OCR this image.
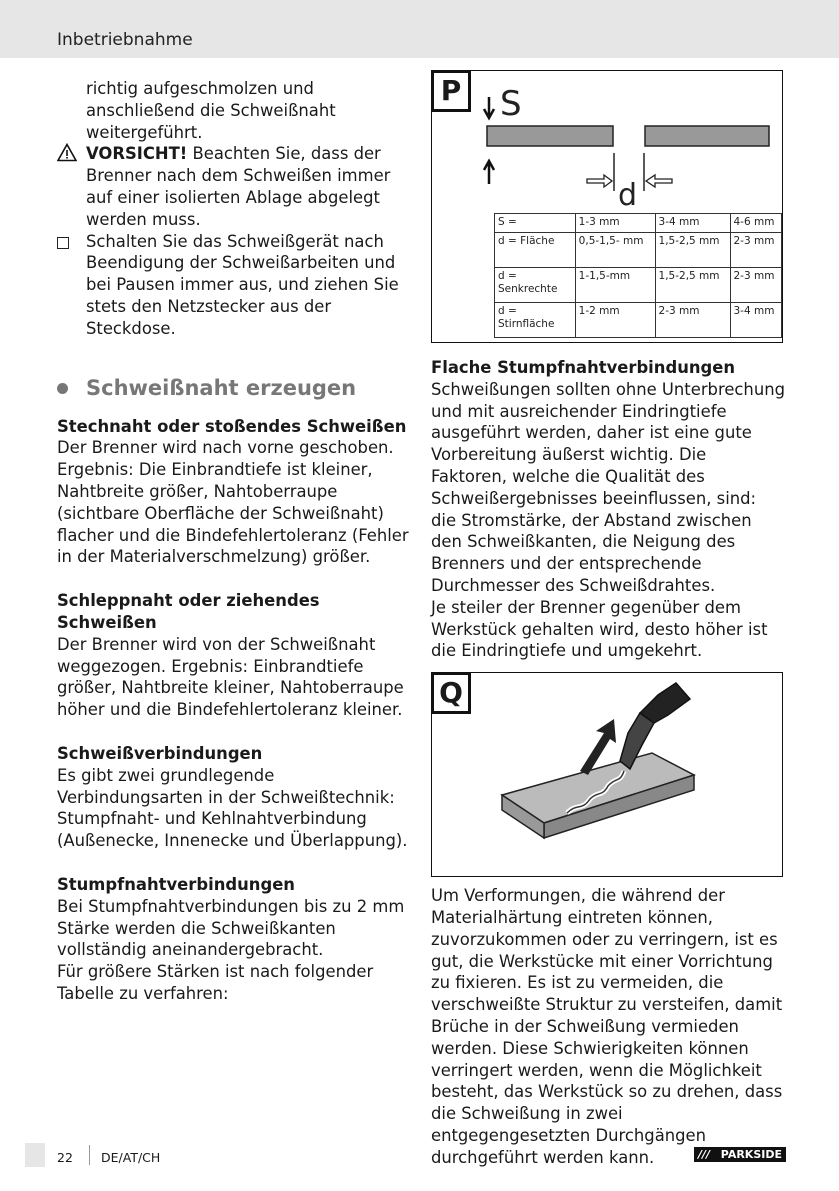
Inbetriebnahme

richtig aufgeschmolzen und anschließend die Schweißnaht weitergeführt.

VORSICHT! Beachten Sie, dass der Brenner nach dem Schweißen immer auf einer isolierten Ablage abgelegt werden muss.
Schalten Sie das Schweißgerät nach Beendigung der Schweißarbeiten und bei Pausen immer aus, und ziehen Sie stets den Netzstecker aus der Steckdose.
Schweißnaht erzeugen

Stechnaht oder stoßendes Schweißen

Der Brenner wird nach vorne geschoben. Ergebnis: Die Einbrandtiefe ist kleiner, Nahtbreite größer, Nahtoberraupe (sichtbare Oberfläche der Schweißnaht) flacher und die Bindefehlertoleranz (Fehler in der Materialverschmelzung) größer.

Schleppnaht oder ziehendes Schweißen

Der Brenner wird von der Schweißnaht weggezogen. Ergebnis: Einbrandtiefe größer, Nahtbreite kleiner, Nahtoberraupe höher und die Bindefehlertoleranz kleiner.

Schweißverbindungen

Es gibt zwei grundlegende Verbindungsarten in der Schweißtechnik: Stumpfnaht- und Kehlnahtverbindung (Außenecke, Innenecke und Überlappung).

Stumpfnahtverbindungen

Bei Stumpfnahtverbindungen bis zu 2 mm Stärke werden die Schweißkanten vollständig aneinandergebracht.

Für größere Stärken ist nach folgender Tabelle zu verfahren:

P S
d
S =	1-3 mm	3-4 mm	4-6 mm
d = Fläche	0,5-1,5- mm	1,5-2,5 mm	2-3 mm
d = Senkrechte	1-1,5-mm	1,5-2,5 mm	2-3 mm
d = Stirnfläche	1-2 mm	2-3 mm	3-4 mm

Flache Stumpfnahtverbindungen

Schweißungen sollten ohne Unterbrechung und mit ausreichender Eindringtiefe ausgeführt werden, daher ist eine gute Vorbereitung äußerst wichtig. Die Faktoren, welche die Qualität des Schweißergebnisses beeinflussen, sind: die Stromstärke, der Abstand zwischen den Schweißkanten, die Neigung des Brenners und der entsprechende Durchmesser des Schweißdrahtes.

Je steiler der Brenner gegenüber dem Werkstück gehalten wird, desto höher ist die Eindringtiefe und umgekehrt.

Q

Um Verformungen, die während der Materialhärtung eintreten können, zuvorzukommen oder zu verringern, ist es gut, die Werkstücke mit einer Vorrichtung zu fixieren. Es ist zu vermeiden, die verschweißte Struktur zu versteifen, damit Brüche in der Schweißung vermieden werden. Diese Schwierigkeiten können verringert werden, wenn die Möglichkeit besteht, das Werkstück so zu drehen, dass die Schweißung in zwei entgegengesetzten Durchgängen durchgeführt werden kann.

22 DE/AT/CH	/// PARKSIDE
